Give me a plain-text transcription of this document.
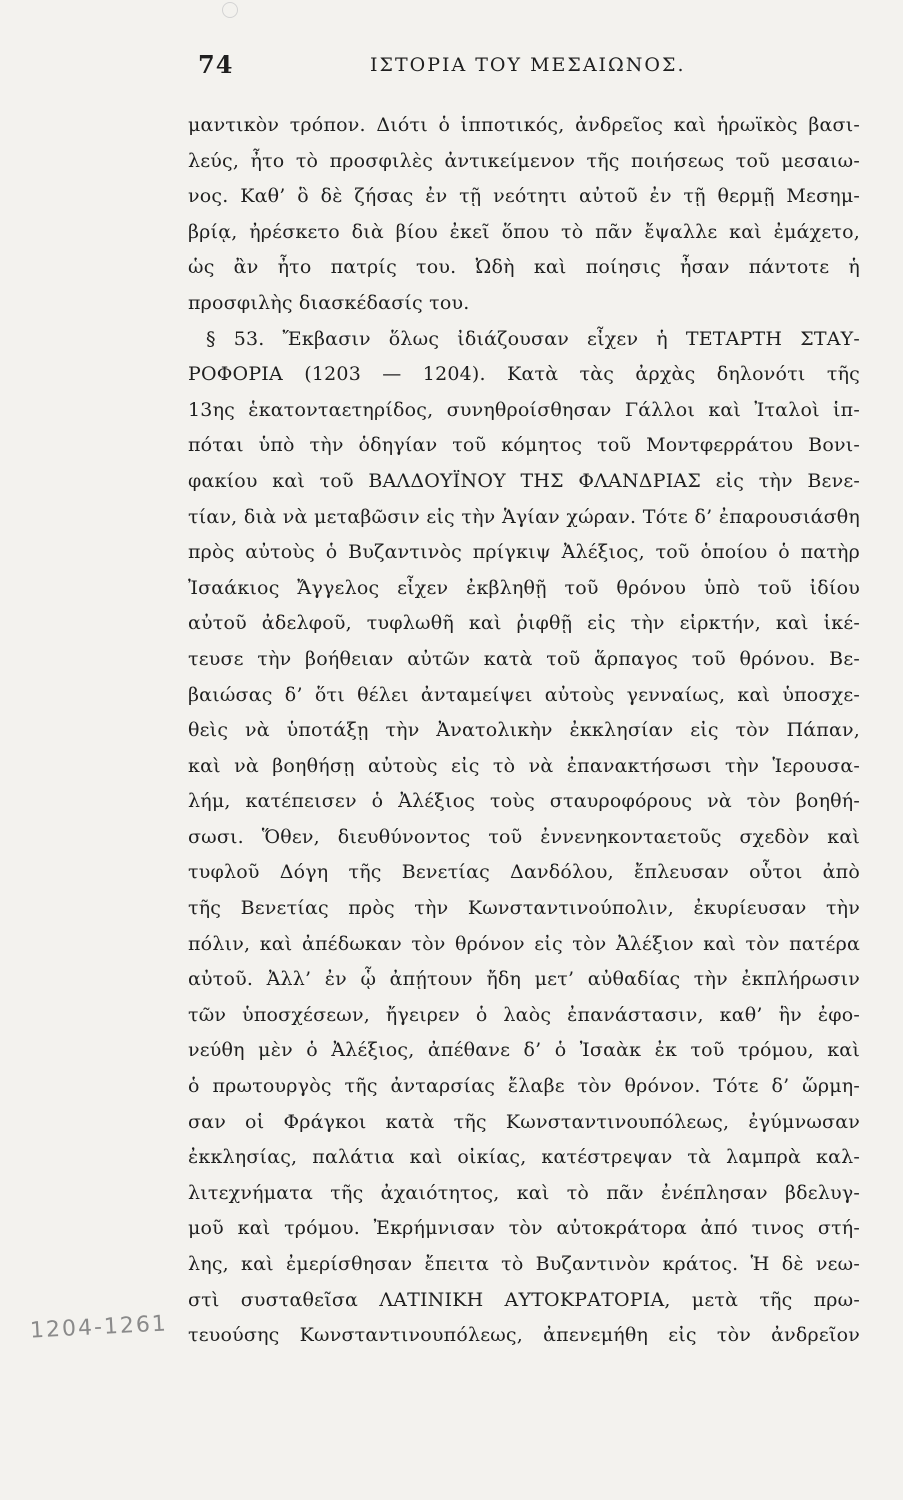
74	ΙΣΤΟΡΙΑ ΤΟΥ ΜΕΣΑΙΩΝΟΣ.
μαντικὸν τρόπον. Διότι ὁ ἱπποτικός, ἀνδρεῖος καὶ ἡρωϊκὸς βασι-
λεύς, ἦτο τὸ προσφιλὲς ἀντικείμενον τῆς ποιήσεως τοῦ μεσαιω-
νος. Καθ’ ὃ δὲ ζήσας ἐν τῇ νεότητι αὐτοῦ ἐν τῇ θερμῇ Μεσημ-
βρίᾳ, ἠρέσκετο διὰ βίου ἐκεῖ ὅπου τὸ πᾶν ἔψαλλε καὶ ἐμάχετο,
ὡς ἂν ἦτο πατρίς του. Ὠδὴ καὶ ποίησις ἦσαν πάντοτε ἡ
προσφιλὴς διασκέδασίς του.
§ 53. Ἔκβασιν ὅλως ἰδιάζουσαν εἶχεν ἡ ΤΕΤΑΡΤΗ ΣΤΑΥ-
ΡΟΦΟΡΙΑ (1203 — 1204). Κατὰ τὰς ἀρχὰς δηλονότι τῆς
13ης ἑκατονταετηρίδος, συνηθροίσθησαν Γάλλοι καὶ Ἰταλοὶ ἱπ-
πόται ὑπὸ τὴν ὁδηγίαν τοῦ κόμητος τοῦ Μοντφερράτου Βονι-
φακίου καὶ τοῦ ΒΑΛΔΟΥΪΝΟΥ ΤΗΣ ΦΛΑΝΔΡΙΑΣ εἰς τὴν Βενε-
τίαν, διὰ νὰ μεταβῶσιν εἰς τὴν Ἁγίαν χώραν. Τότε δ’ ἐπαρουσιάσθη
πρὸς αὐτοὺς ὁ Βυζαντινὸς πρίγκιψ Ἀλέξιος, τοῦ ὁποίου ὁ πατὴρ
Ἰσαάκιος Ἄγγελος εἶχεν ἐκβληθῇ τοῦ θρόνου ὑπὸ τοῦ ἰδίου
αὐτοῦ ἀδελφοῦ, τυφλωθῆ καὶ ῥιφθῇ εἰς τὴν εἱρκτήν, καὶ ἱκέ-
τευσε τὴν βοήθειαν αὐτῶν κατὰ τοῦ ἅρπαγος τοῦ θρόνου. Βε-
βαιώσας δ’ ὅτι θέλει ἀνταμείψει αὐτοὺς γενναίως, καὶ ὑποσχε-
θεὶς νὰ ὑποτάξῃ τὴν Ἀνατολικὴν ἐκκλησίαν εἰς τὸν Πάπαν,
καὶ νὰ βοηθήσῃ αὐτοὺς εἰς τὸ νὰ ἐπανακτήσωσι τὴν Ἱερουσα-
λήμ, κατέπεισεν ὁ Ἀλέξιος τοὺς σταυροφόρους νὰ τὸν βοηθή-
σωσι. Ὅθεν, διευθύνοντος τοῦ ἐννενηκονταετοῦς σχεδὸν καὶ
τυφλοῦ Δόγη τῆς Βενετίας Δανδόλου, ἔπλευσαν οὗτοι ἀπὸ
τῆς Βενετίας πρὸς τὴν Κωνσταντινούπολιν, ἐκυρίευσαν τὴν
πόλιν, καὶ ἀπέδωκαν τὸν θρόνον εἰς τὸν Ἀλέξιον καὶ τὸν πατέρα
αὐτοῦ. Ἀλλ’ ἐν ᾧ ἀπῄτουν ἤδη μετ’ αὐθαδίας τὴν ἐκπλήρωσιν
τῶν ὑποσχέσεων, ἤγειρεν ὁ λαὸς ἐπανάστασιν, καθ’ ἣν ἐφο-
νεύθη μὲν ὁ Ἀλέξιος, ἀπέθανε δ’ ὁ Ἰσαὰκ ἐκ τοῦ τρόμου, καὶ
ὁ πρωτουργὸς τῆς ἀνταρσίας ἔλαβε τὸν θρόνον. Τότε δ’ ὥρμη-
σαν οἱ Φράγκοι κατὰ τῆς Κωνσταντινουπόλεως, ἐγύμνωσαν
ἐκκλησίας, παλάτια καὶ οἰκίας, κατέστρεψαν τὰ λαμπρὰ καλ-
λιτεχνήματα τῆς ἀχαιότητος, καὶ τὸ πᾶν ἐνέπλησαν βδελυγ-
μοῦ καὶ τρόμου. Ἐκρήμνισαν τὸν αὐτοκράτορα ἀπό τινος στή-
λης, καὶ ἐμερίσθησαν ἔπειτα τὸ Βυζαντινὸν κράτος. Ἡ δὲ νεω-
στὶ συσταθεῖσα ΛΑΤΙΝΙΚΗ ΑΥΤΟΚΡΑΤΟΡΙΑ, μετὰ τῆς πρω-
τευούσης Κωνσταντινουπόλεως, ἀπενεμήθη εἰς τὸν ἀνδρεῖον
1204-1261
